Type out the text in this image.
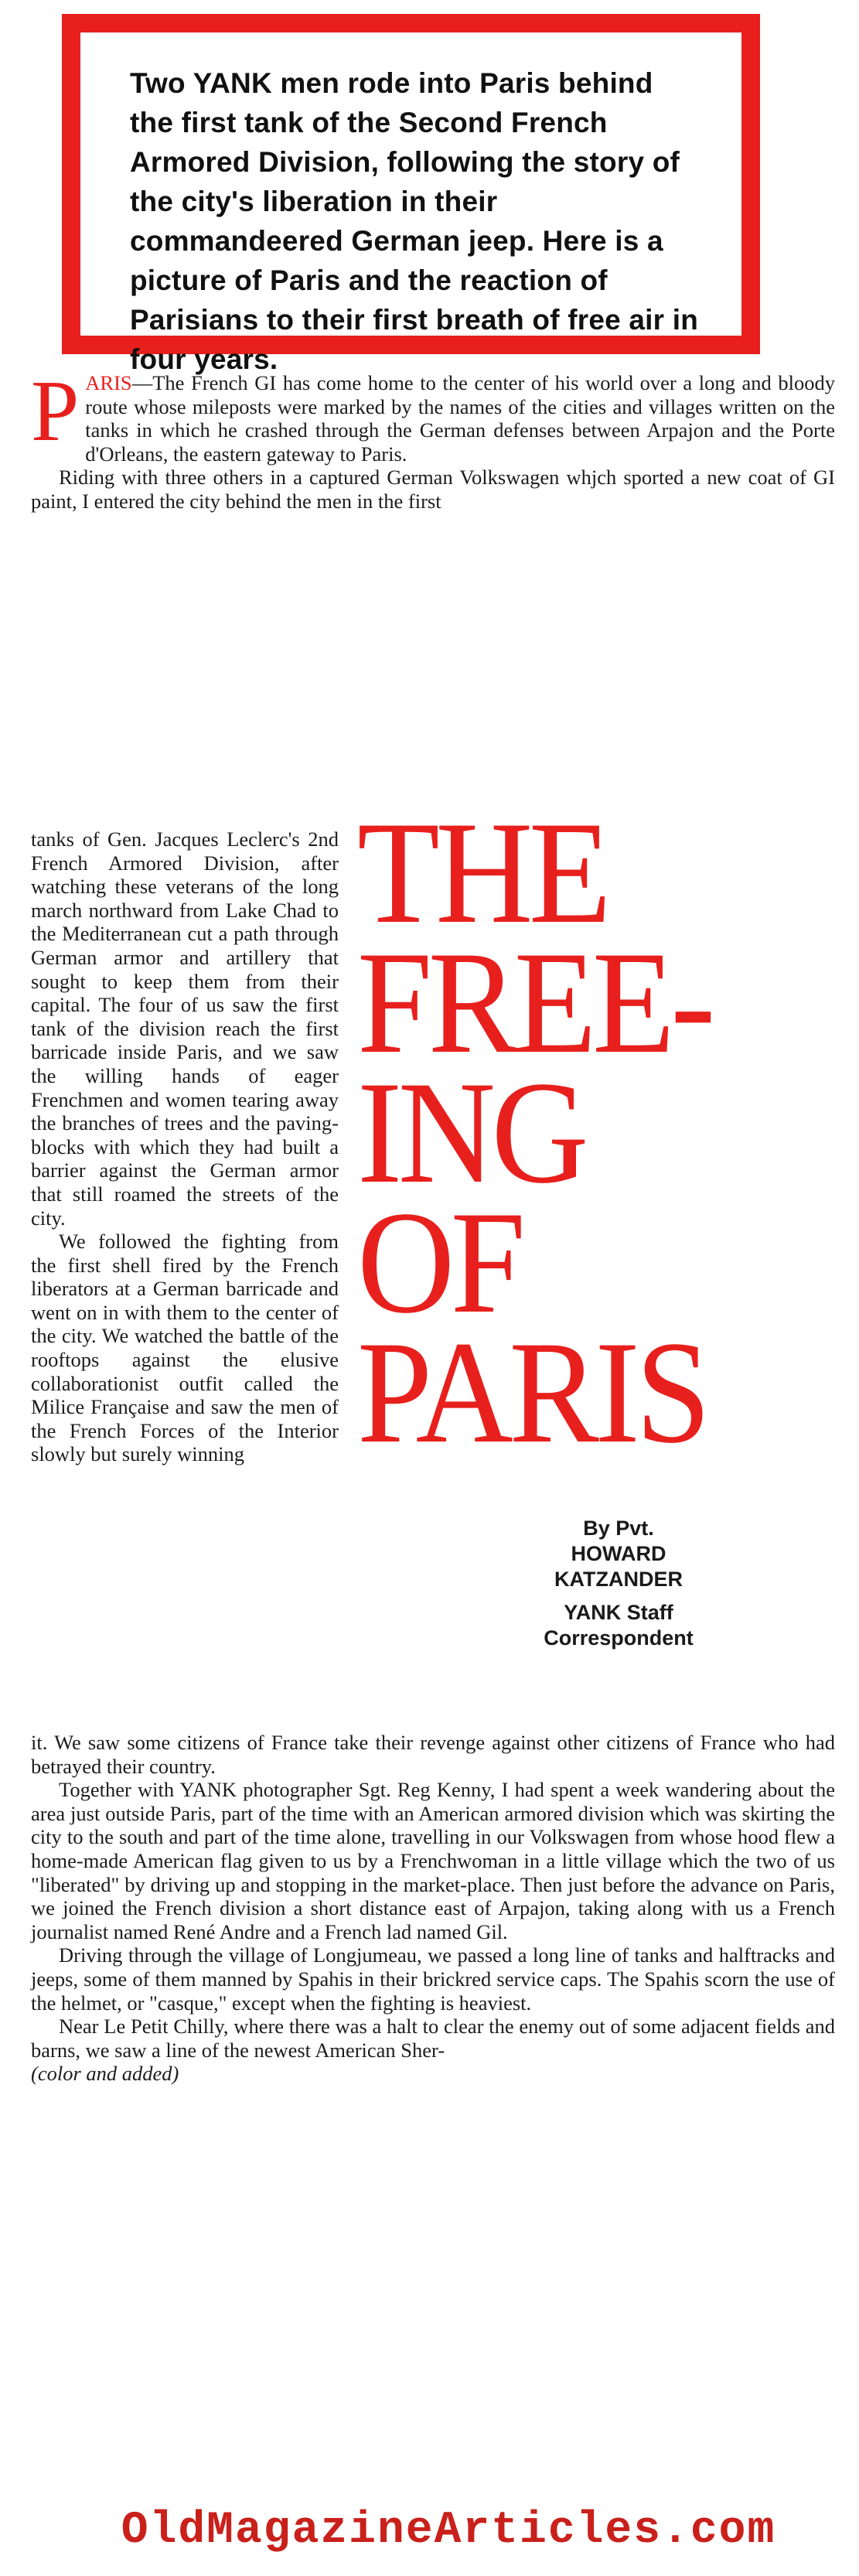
Two YANK men rode into Paris behind the first tank of the Second French Armored Division, following the story of the city's liberation in their commandeered German jeep. Here is a picture of Paris and the reaction of Parisians to their first breath of free air in four years.

PARIS—The French GI has come home to the center of his world over a long and bloody route whose mileposts were marked by the names of the cities and villages written on the tanks in which he crashed through the German defenses between Arpajon and the Porte d'Orleans, the eastern gateway to Paris.

Riding with three others in a captured German Volkswagen whjch sported a new coat of GI paint, I entered the city behind the men in the first

tanks of Gen. Jacques Leclerc's 2nd French Armored Division, after watching these veterans of the long march northward from Lake Chad to the Mediterranean cut a path through German armor and artillery that sought to keep them from their capital. The four of us saw the first tank of the division reach the first barricade inside Paris, and we saw the willing hands of eager Frenchmen and women tearing away the branches of trees and the paving-blocks with which they had built a barrier against the German armor that still roamed the streets of the city.

We followed the fighting from the first shell fired by the French liberators at a German barricade and went on in with them to the center of the city. We watched the battle of the rooftops against the elusive collaborationist outfit called the Milice Française and saw the men of the French Forces of the Interior slowly but surely winning

THE
FREE-
ING
OF
PARIS
By Pvt.
HOWARD
KATZANDER
YANK Staff
Correspondent

it. We saw some citizens of France take their revenge against other citizens of France who had betrayed their country.

Together with YANK photographer Sgt. Reg Kenny, I had spent a week wandering about the area just outside Paris, part of the time with an American armored division which was skirting the city to the south and part of the time alone, travelling in our Volkswagen from whose hood flew a home-made American flag given to us by a Frenchwoman in a little village which the two of us "liberated" by driving up and stopping in the market-place. Then just before the advance on Paris, we joined the French division a short distance east of Arpajon, taking along with us a French journalist named René Andre and a French lad named Gil.

Driving through the village of Longjumeau, we passed a long line of tanks and halftracks and jeeps, some of them manned by Spahis in their brickred service caps. The Spahis scorn the use of the helmet, or "casque," except when the fighting is heaviest.

Near Le Petit Chilly, where there was a halt to clear the enemy out of some adjacent fields and barns, we saw a line of the newest American Sher-

(color and added)

OldMagazineArticles.com
